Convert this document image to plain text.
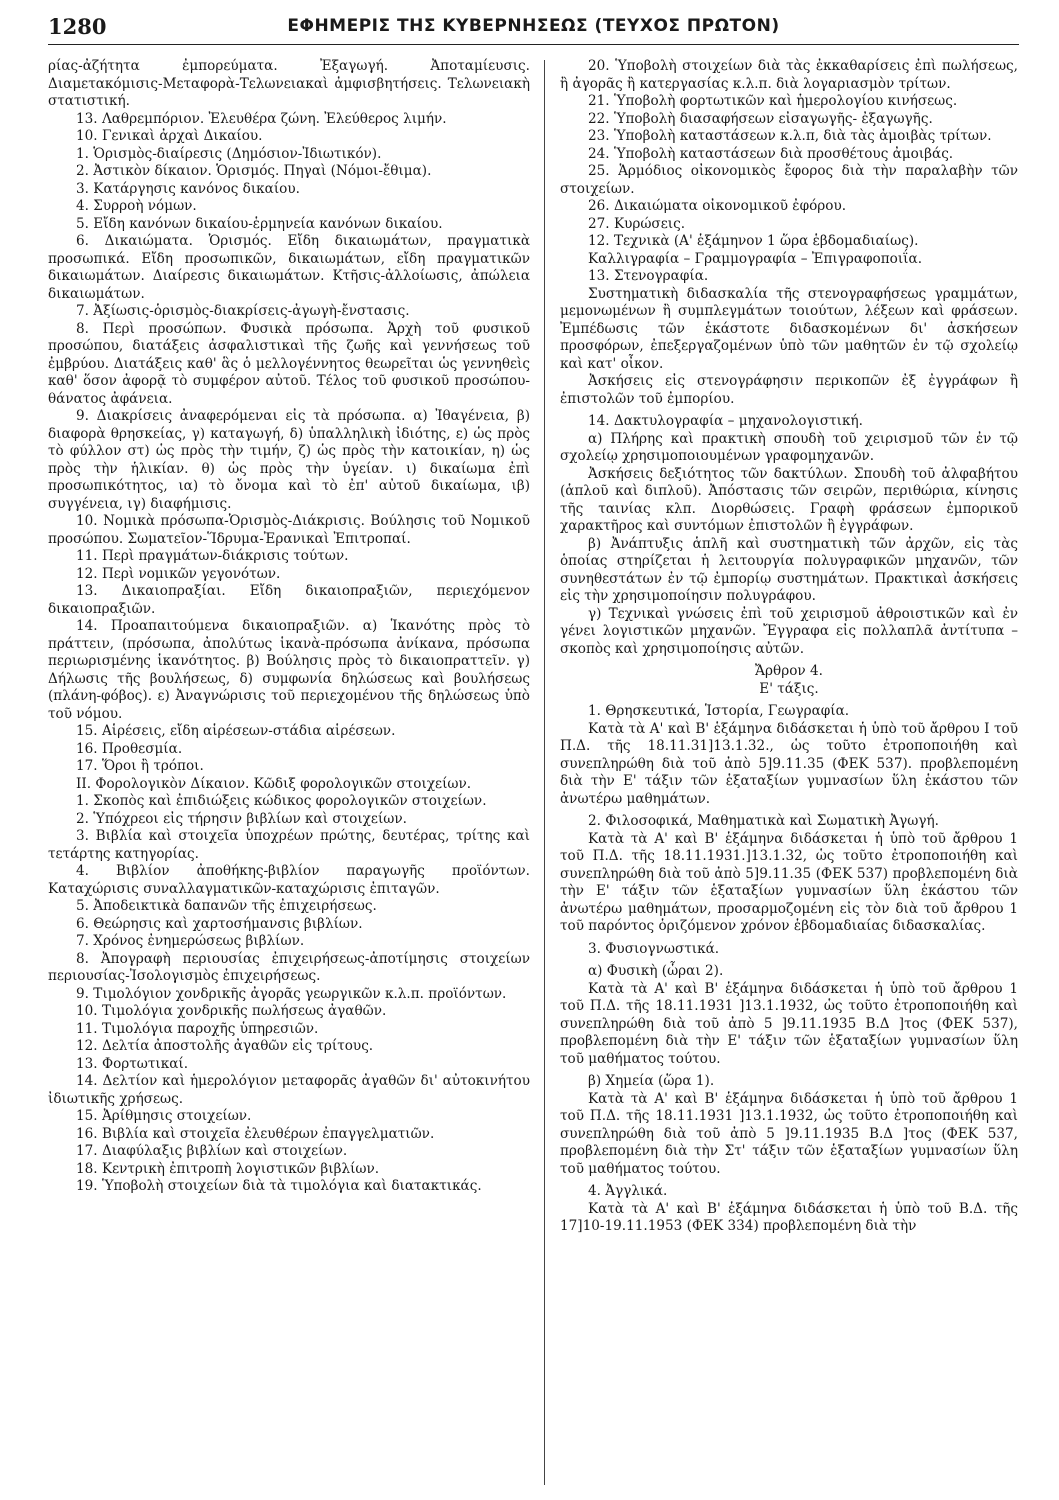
1280	ΕΦΗΜΕΡΙΣ ΤΗΣ ΚΥΒΕΡΝΗΣΕΩΣ (ΤΕΥΧΟΣ ΠΡΩΤΟΝ)

ρίας-ἀζήτητα ἐμπορεύματα. Ἐξαγωγή. Ἀποταμίευσις. Διαμετακόμισις-Μεταφορὰ-Τελωνειακαὶ ἀμφισβητήσεις. Τελωνειακὴ στατιστική.

13. Λαθρεμπόριον. Ἐλευθέρα ζώνη. Ἐλεύθερος λιμήν.

10. Γενικαὶ ἀρχαὶ Δικαίου.

1. Ὁρισμὸς-διαίρεσις (Δημόσιον-Ἰδιωτικόν).

2. Ἀστικὸν δίκαιον. Ὁρισμός. Πηγαὶ (Νόμοι-ἔθιμα).

3. Κατάργησις κανόνος δικαίου.

4. Συρροὴ νόμων.

5. Εἴδη κανόνων δικαίου-ἑρμηνεία κανόνων δικαίου.

6. Δικαιώματα. Ὁρισμός. Εἴδη δικαιωμάτων, πραγματικὰ προσωπικά. Εἴδη προσωπικῶν, δικαιωμάτων, εἴδη πραγματικῶν δικαιωμάτων. Διαίρεσις δικαιωμάτων. Κτῆσις-ἀλλοίωσις, ἀπώλεια δικαιωμάτων.

7. Ἀξίωσις-ὁρισμὸς-διακρίσεις-ἀγωγὴ-ἔνστασις.

8. Περὶ προσώπων. Φυσικὰ πρόσωπα. Ἀρχὴ τοῦ φυσικοῦ προσώπου, διατάξεις ἀσφαλιστικαὶ τῆς ζωῆς καὶ γεννήσεως τοῦ ἐμβρύου. Διατάξεις καθ' ἃς ὁ μελλογέννητος θεωρεῖται ὡς γεννηθεὶς καθ' ὅσον ἀφορᾷ τὸ συμφέρον αὐτοῦ. Τέλος τοῦ φυσικοῦ προσώπου-θάνατος ἀφάνεια.

9. Διακρίσεις ἀναφερόμεναι εἰς τὰ πρόσωπα. α) Ἰθαγένεια, β) διαφορὰ θρησκείας, γ) καταγωγή, δ) ὑπαλληλικὴ ἰδιότης, ε) ὡς πρὸς τὸ φύλλον στ) ὡς πρὸς τὴν τιμήν, ζ) ὡς πρὸς τὴν κατοικίαν, η) ὡς πρὸς τὴν ἡλικίαν. θ) ὡς πρὸς τὴν ὑγείαν. ι) δικαίωμα ἐπὶ προσωπικότητος, ια) τὸ ὄνομα καὶ τὸ ἐπ' αὐτοῦ δικαίωμα, ιβ) συγγένεια, ιγ) διαφήμισις.

10. Νομικὰ πρόσωπα-Ὁρισμὸς-Διάκρισις. Βούλησις τοῦ Νομικοῦ προσώπου. Σωματεῖον-Ἵδρυμα-Ἐρανικαὶ Ἐπιτροπαί.

11. Περὶ πραγμάτων-διάκρισις τούτων.

12. Περὶ νομικῶν γεγονότων.

13. Δικαιοπραξίαι. Εἴδη δικαιοπραξιῶν, περιεχόμενον δικαιοπραξιῶν.

14. Προαπαιτούμενα δικαιοπραξιῶν. α) Ἱκανότης πρὸς τὸ πράττειν, (πρόσωπα, ἀπολύτως ἱκανὰ-πρόσωπα ἀνίκανα, πρόσωπα περιωρισμένης ἱκανότητος. β) Βούλησις πρὸς τὸ δικαιοπραττεῖν. γ) Δήλωσις τῆς βουλήσεως, δ) συμφωνία δηλώσεως καὶ βουλήσεως (πλάνη-φόβος). ε) Ἀναγνώρισις τοῦ περιεχομένου τῆς δηλώσεως ὑπὸ τοῦ νόμου.

15. Αἱρέσεις, εἴδη αἱρέσεων-στάδια αἱρέσεων.

16. Προθεσμία.

17. Ὅροι ἢ τρόποι.

ΙΙ. Φορολογικὸν Δίκαιον. Κῶδιξ φορολογικῶν στοιχείων.

1. Σκοπὸς καὶ ἐπιδιώξεις κώδικος φορολογικῶν στοιχείων.

2. Ὑπόχρεοι εἰς τήρησιν βιβλίων καὶ στοιχείων.

3. Βιβλία καὶ στοιχεῖα ὑποχρέων πρώτης, δευτέρας, τρίτης καὶ τετάρτης κατηγορίας.

4. Βιβλίον ἀποθήκης-βιβλίον παραγωγῆς προϊόντων. Καταχώρισις συναλλαγματικῶν-καταχώρισις ἐπιταγῶν.

5. Ἀποδεικτικὰ δαπανῶν τῆς ἐπιχειρήσεως.

6. Θεώρησις καὶ χαρτοσήμανσις βιβλίων.

7. Χρόνος ἐνημερώσεως βιβλίων.

8. Ἀπογραφὴ περιουσίας ἐπιχειρήσεως-ἀποτίμησις στοιχείων περιουσίας-Ἰσολογισμὸς ἐπιχειρήσεως.

9. Τιμολόγιον χονδρικῆς ἀγορᾶς γεωργικῶν κ.λ.π. προϊόντων.

10. Τιμολόγια χονδρικῆς πωλήσεως ἀγαθῶν.

11. Τιμολόγια παροχῆς ὑπηρεσιῶν.

12. Δελτία ἀποστολῆς ἀγαθῶν εἰς τρίτους.

13. Φορτωτικαί.

14. Δελτίον καὶ ἡμερολόγιον μεταφορᾶς ἀγαθῶν δι' αὐτοκινήτου ἰδιωτικῆς χρήσεως.

15. Ἀρίθμησις στοιχείων.

16. Βιβλία καὶ στοιχεῖα ἐλευθέρων ἐπαγγελματιῶν.

17. Διαφύλαξις βιβλίων καὶ στοιχείων.

18. Κεντρικὴ ἐπιτροπὴ λογιστικῶν βιβλίων.

19. Ὑποβολὴ στοιχείων διὰ τὰ τιμολόγια καὶ διατακτικάς.

20. Ὑποβολὴ στοιχείων διὰ τὰς ἐκκαθαρίσεις ἐπὶ πωλήσεως, ἢ ἀγορᾶς ἢ κατεργασίας κ.λ.π. διὰ λογαριασμὸν τρίτων.

21. Ὑποβολὴ φορτωτικῶν καὶ ἡμερολογίου κινήσεως.

22. Ὑποβολὴ διασαφήσεων εἰσαγωγῆς- ἐξαγωγῆς.

23. Ὑποβολὴ καταστάσεων κ.λ.π, διὰ τὰς ἀμοιβὰς τρίτων.

24. Ὑποβολὴ καταστάσεων διὰ προσθέτους ἀμοιβάς.

25. Ἁρμόδιος οἰκονομικὸς ἔφορος διὰ τὴν παραλαβὴν τῶν στοιχείων.

26. Δικαιώματα οἰκονομικοῦ ἐφόρου.

27. Κυρώσεις.

12. Τεχνικὰ (Α' ἑξάμηνον 1 ὥρα ἑβδομαδιαίως).

Καλλιγραφία – Γραμμογραφία – Ἐπιγραφοποιΐα.

13. Στενογραφία.

Συστηματικὴ διδασκαλία τῆς στενογραφήσεως γραμμάτων, μεμονωμένων ἢ συμπλεγμάτων τοιούτων, λέξεων καὶ φράσεων. Ἐμπέδωσις τῶν ἑκάστοτε διδασκομένων δι' ἀσκήσεων προσφόρων, ἐπεξεργαζομένων ὑπὸ τῶν μαθητῶν ἐν τῷ σχολείῳ καὶ κατ' οἶκον.

Ἀσκήσεις εἰς στενογράφησιν περικοπῶν ἐξ ἐγγράφων ἢ ἐπιστολῶν τοῦ ἐμπορίου.

14. Δακτυλογραφία – μηχανολογιστική.

α) Πλήρης καὶ πρακτικὴ σπουδὴ τοῦ χειρισμοῦ τῶν ἐν τῷ σχολείῳ χρησιμοποιουμένων γραφομηχανῶν.

Ἀσκήσεις δεξιότητος τῶν δακτύλων. Σπουδὴ τοῦ ἀλφαβήτου (ἁπλοῦ καὶ διπλοῦ). Ἀπόστασις τῶν σειρῶν, περιθώρια, κίνησις τῆς ταινίας κλπ. Διορθώσεις. Γραφὴ φράσεων ἐμπορικοῦ χαρακτῆρος καὶ συντόμων ἐπιστολῶν ἢ ἐγγράφων.

β) Ἀνάπτυξις ἁπλῆ καὶ συστηματικὴ τῶν ἀρχῶν, εἰς τὰς ὁποίας στηρίζεται ἡ λειτουργία πολυγραφικῶν μηχανῶν, τῶν συνηθεστάτων ἐν τῷ ἐμπορίῳ συστημάτων. Πρακτικαὶ ἀσκήσεις εἰς τὴν χρησιμοποίησιν πολυγράφου.

γ) Τεχνικαὶ γνώσεις ἐπὶ τοῦ χειρισμοῦ ἀθροιστικῶν καὶ ἐν γένει λογιστικῶν μηχανῶν. Ἔγγραφα εἰς πολλαπλᾶ ἀντίτυπα – σκοπὸς καὶ χρησιμοποίησις αὐτῶν.

Ἄρθρον 4.

Ε' τάξις.

1. Θρησκευτικά, Ἱστορία, Γεωγραφία.

Κατὰ τὰ Α' καὶ Β' ἑξάμηνα διδάσκεται ἡ ὑπὸ τοῦ ἄρθρου Ι τοῦ Π.Δ. τῆς 18.11.31]13.1.32., ὡς τοῦτο ἐτροποποιήθη καὶ συνεπληρώθη διὰ τοῦ ἀπὸ 5]9.11.35 (ΦΕΚ 537). προβλεπομένη διὰ τὴν Ε' τάξιν τῶν ἑξαταξίων γυμνασίων ὕλη ἑκάστου τῶν ἀνωτέρω μαθημάτων.

2. Φιλοσοφικά, Μαθηματικὰ καὶ Σωματικὴ Ἀγωγή.

Κατὰ τὰ Α' καὶ Β' ἑξάμηνα διδάσκεται ἡ ὑπὸ τοῦ ἄρθρου 1 τοῦ Π.Δ. τῆς 18.11.1931.]13.1.32, ὡς τοῦτο ἐτροποποιήθη καὶ συνεπληρώθη διὰ τοῦ ἀπὸ 5]9.11.35 (ΦΕΚ 537) προβλεπομένη διὰ τὴν Ε' τάξιν τῶν ἑξαταξίων γυμνασίων ὕλη ἑκάστου τῶν ἀνωτέρω μαθημάτων, προσαρμοζομένη εἰς τὸν διὰ τοῦ ἄρθρου 1 τοῦ παρόντος ὁριζόμενον χρόνον ἑβδομαδιαίας διδασκαλίας.

3. Φυσιογνωστικά.

α) Φυσικὴ (ὧραι 2).

Κατὰ τὰ Α' καὶ Β' ἑξάμηνα διδάσκεται ἡ ὑπὸ τοῦ ἄρθρου 1 τοῦ Π.Δ. τῆς 18.11.1931 ]13.1.1932, ὡς τοῦτο ἐτροποποιήθη καὶ συνεπληρώθη διὰ τοῦ ἀπὸ 5 ]9.11.1935 Β.Δ ]τος (ΦΕΚ 537), προβλεπομένη διὰ τὴν Ε' τάξιν τῶν ἑξαταξίων γυμνασίων ὕλη τοῦ μαθήματος τούτου.

β) Χημεία (ὥρα 1).

Κατὰ τὰ Α' καὶ Β' ἑξάμηνα διδάσκεται ἡ ὑπὸ τοῦ ἄρθρου 1 τοῦ Π.Δ. τῆς 18.11.1931 ]13.1.1932, ὡς τοῦτο ἐτροποποιήθη καὶ συνεπληρώθη διὰ τοῦ ἀπὸ 5 ]9.11.1935 Β.Δ ]τος (ΦΕΚ 537, προβλεπομένη διὰ τὴν Στ' τάξιν τῶν ἑξαταξίων γυμνασίων ὕλη τοῦ μαθήματος τούτου.

4. Ἀγγλικά.

Κατὰ τὰ Α' καὶ Β' ἑξάμηνα διδάσκεται ἡ ὑπὸ τοῦ Β.Δ. τῆς 17]10-19.11.1953 (ΦΕΚ 334) προβλεπομένη διὰ τὴν
